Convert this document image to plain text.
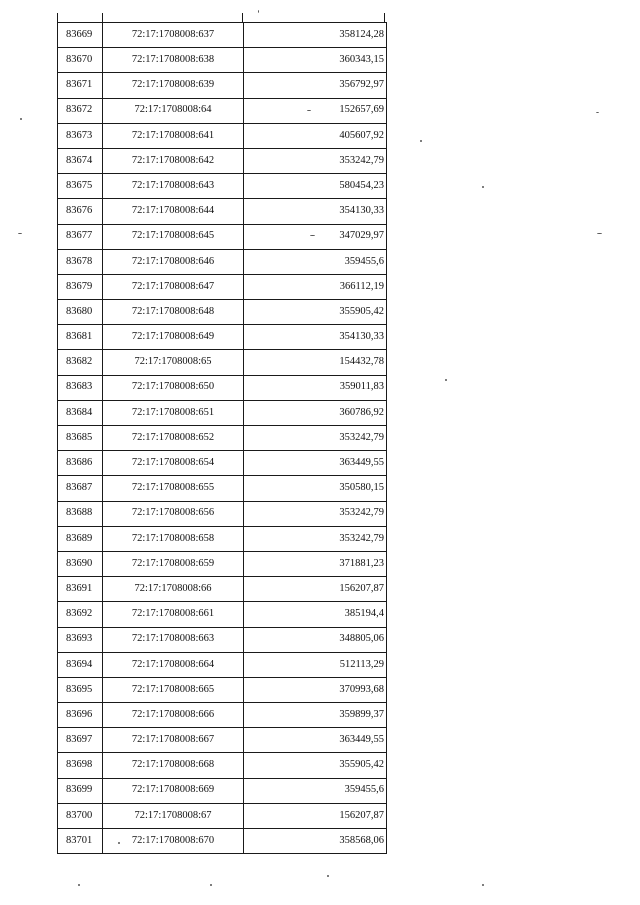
83669	72:17:1708008:637	358124,28
83670	72:17:1708008:638	360343,15
83671	72:17:1708008:639	356792,97
83672	72:17:1708008:64	152657,69
83673	72:17:1708008:641	405607,92
83674	72:17:1708008:642	353242,79
83675	72:17:1708008:643	580454,23
83676	72:17:1708008:644	354130,33
83677	72:17:1708008:645	347029,97
83678	72:17:1708008:646	359455,6
83679	72:17:1708008:647	366112,19
83680	72:17:1708008:648	355905,42
83681	72:17:1708008:649	354130,33
83682	72:17:1708008:65	154432,78
83683	72:17:1708008:650	359011,83
83684	72:17:1708008:651	360786,92
83685	72:17:1708008:652	353242,79
83686	72:17:1708008:654	363449,55
83687	72:17:1708008:655	350580,15
83688	72:17:1708008:656	353242,79
83689	72:17:1708008:658	353242,79
83690	72:17:1708008:659	371881,23
83691	72:17:1708008:66	156207,87
83692	72:17:1708008:661	385194,4
83693	72:17:1708008:663	348805,06
83694	72:17:1708008:664	512113,29
83695	72:17:1708008:665	370993,68
83696	72:17:1708008:666	359899,37
83697	72:17:1708008:667	363449,55
83698	72:17:1708008:668	355905,42
83699	72:17:1708008:669	359455,6
83700	72:17:1708008:67	156207,87
83701	72:17:1708008:670	358568,06
